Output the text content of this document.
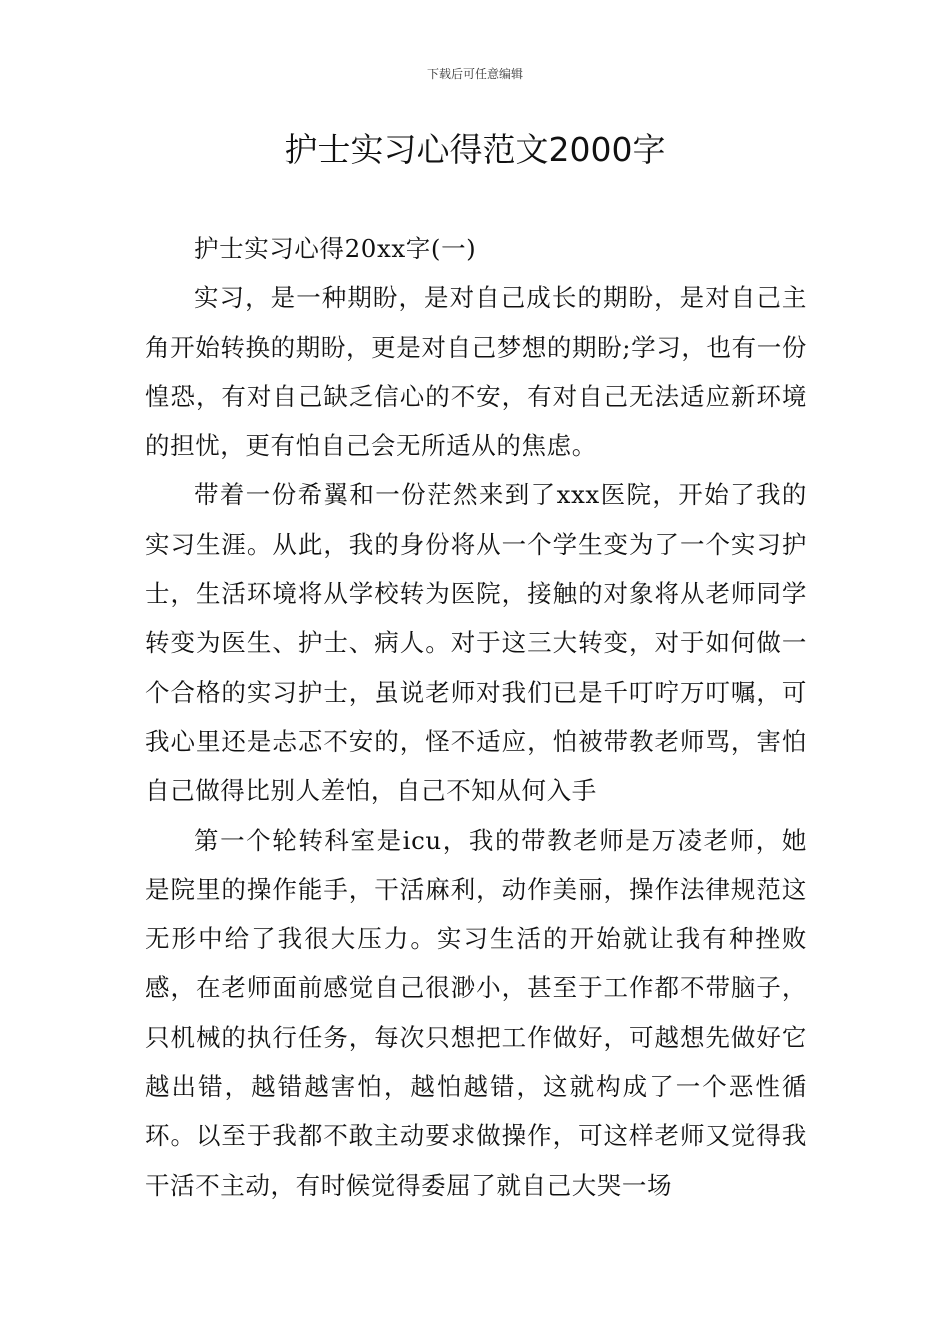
下载后可任意编辑
护士实习心得范文2000字

护士实习心得20xx字(一)

实习，是一种期盼，是对自己成长的期盼，是对自己主角开始转换的期盼，更是对自己梦想的期盼;学习，也有一份惶恐，有对自己缺乏信心的不安，有对自己无法适应新环境的担忧，更有怕自己会无所适从的焦虑。

带着一份希翼和一份茫然来到了xxx医院，开始了我的实习生涯。从此，我的身份将从一个学生变为了一个实习护士，生活环境将从学校转为医院，接触的对象将从老师同学转变为医生、护士、病人。对于这三大转变，对于如何做一个合格的实习护士，虽说老师对我们已是千叮咛万叮嘱，可我心里还是忐忑不安的，怪不适应，怕被带教老师骂，害怕自己做得比别人差怕，自己不知从何入手

第一个轮转科室是icu，我的带教老师是万凌老师，她是院里的操作能手，干活麻利，动作美丽，操作法律规范这无形中给了我很大压力。实习生活的开始就让我有种挫败感，在老师面前感觉自己很渺小，甚至于工作都不带脑子，只机械的执行任务，每次只想把工作做好，可越想先做好它越出错，越错越害怕，越怕越错，这就构成了一个恶性循环。以至于我都不敢主动要求做操作，可这样老师又觉得我干活不主动，有时候觉得委屈了就自己大哭一场
